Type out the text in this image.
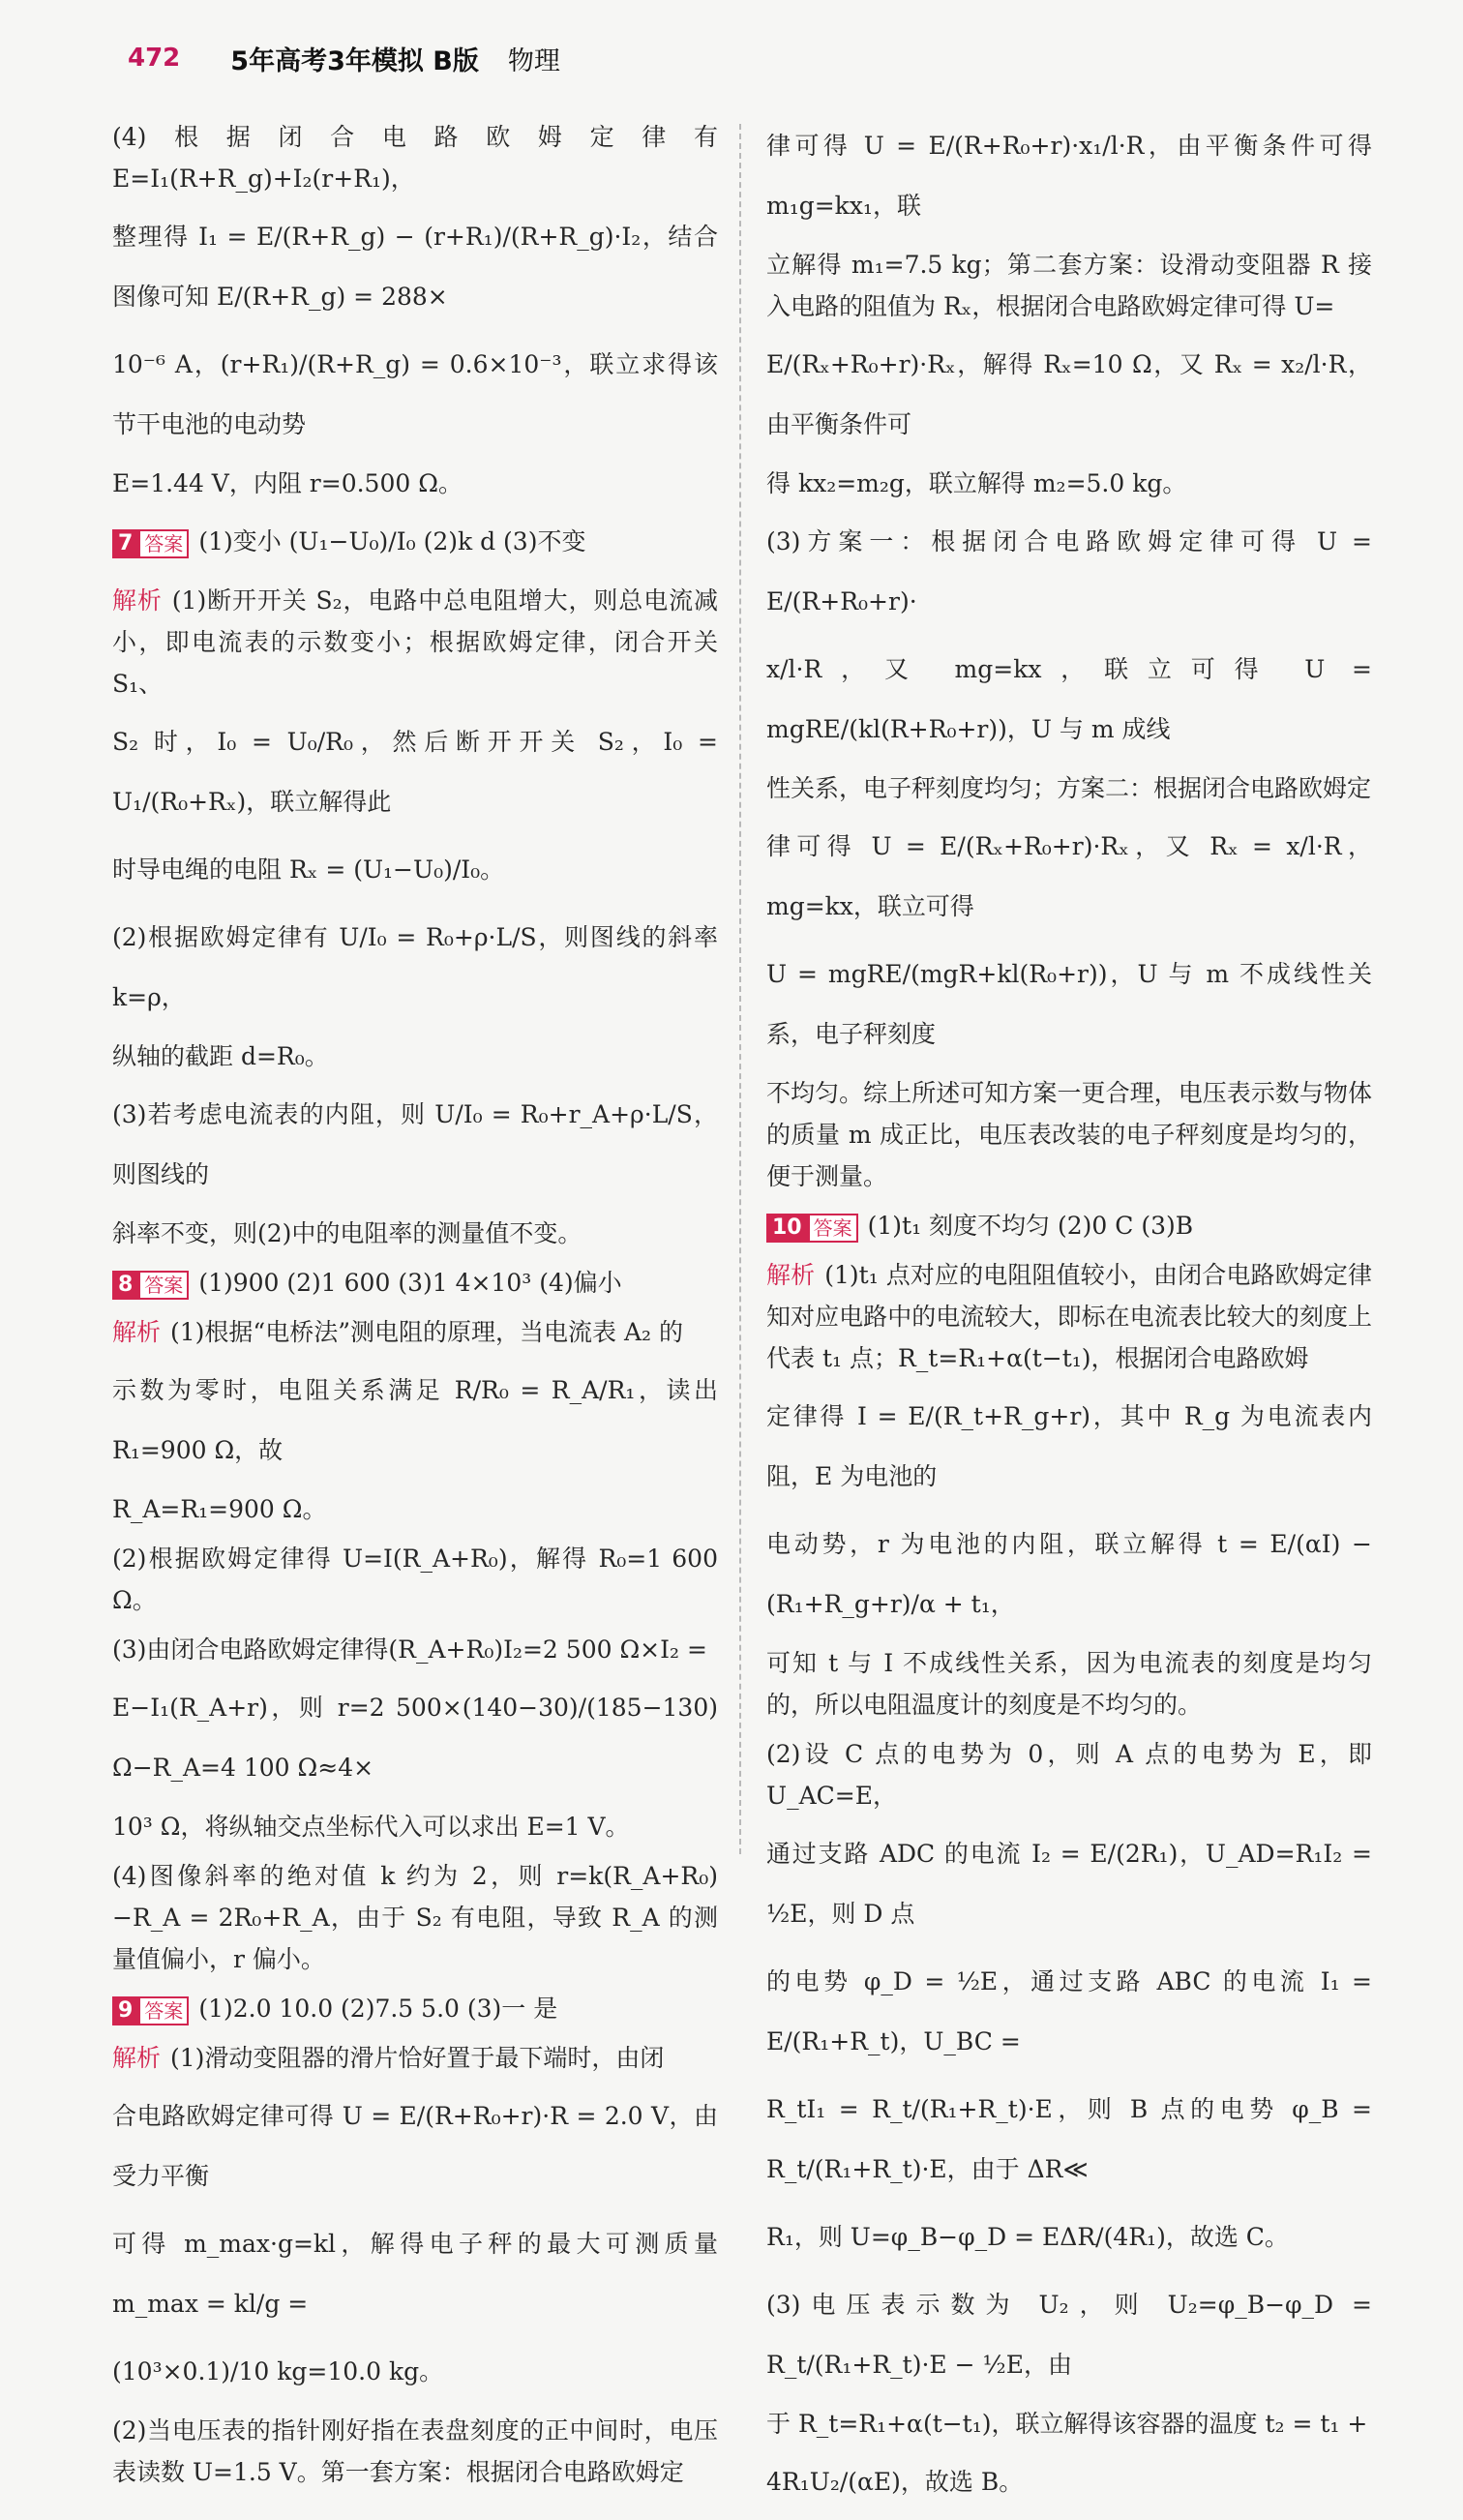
472 5年高考3年模拟 B版 物理

(4)根据闭合电路欧姆定律有 E=I₁(R+R_g)+I₂(r+R₁)，

整理得 I₁ = E/(R+R_g) − (r+R₁)/(R+R_g)·I₂，结合图像可知 E/(R+R_g) = 288×

10⁻⁶ A，(r+R₁)/(R+R_g) = 0.6×10⁻³，联立求得该节干电池的电动势

E=1.44 V，内阻 r=0.500 Ω。

7 答案 (1)变小 (U₁−U₀)/I₀ (2)k d (3)不变

解析 (1)断开开关 S₂，电路中总电阻增大，则总电流减小，即电流表的示数变小；根据欧姆定律，闭合开关 S₁、

S₂ 时，I₀ = U₀/R₀，然后断开开关 S₂，I₀ = U₁/(R₀+Rₓ)，联立解得此

时导电绳的电阻 Rₓ = (U₁−U₀)/I₀。

(2)根据欧姆定律有 U/I₀ = R₀+ρ·L/S，则图线的斜率 k=ρ，

纵轴的截距 d=R₀。

(3)若考虑电流表的内阻，则 U/I₀ = R₀+r_A+ρ·L/S，则图线的

斜率不变，则(2)中的电阻率的测量值不变。

8 答案 (1)900 (2)1 600 (3)1 4×10³ (4)偏小

解析 (1)根据“电桥法”测电阻的原理，当电流表 A₂ 的

示数为零时，电阻关系满足 R/R₀ = R_A/R₁，读出 R₁=900 Ω，故

R_A=R₁=900 Ω。

(2)根据欧姆定律得 U=I(R_A+R₀)，解得 R₀=1 600 Ω。

(3)由闭合电路欧姆定律得(R_A+R₀)I₂=2 500 Ω×I₂ =

E−I₁(R_A+r)，则 r=2 500×(140−30)/(185−130) Ω−R_A=4 100 Ω≈4×

10³ Ω，将纵轴交点坐标代入可以求出 E=1 V。

(4)图像斜率的绝对值 k 约为 2，则 r=k(R_A+R₀)−R_A = 2R₀+R_A，由于 S₂ 有电阻，导致 R_A 的测量值偏小，r 偏小。

9 答案 (1)2.0 10.0 (2)7.5 5.0 (3)一 是

解析 (1)滑动变阻器的滑片恰好置于最下端时，由闭

合电路欧姆定律可得 U = E/(R+R₀+r)·R = 2.0 V，由受力平衡

可得 m_max·g=kl，解得电子秤的最大可测质量 m_max = kl/g =

(10³×0.1)/10 kg=10.0 kg。

(2)当电压表的指针刚好指在表盘刻度的正中间时，电压表读数 U=1.5 V。第一套方案：根据闭合电路欧姆定

律可得 U = E/(R+R₀+r)·x₁/l·R，由平衡条件可得 m₁g=kx₁，联

立解得 m₁=7.5 kg；第二套方案：设滑动变阻器 R 接入电路的阻值为 Rₓ，根据闭合电路欧姆定律可得 U=

E/(Rₓ+R₀+r)·Rₓ，解得 Rₓ=10 Ω，又 Rₓ = x₂/l·R，由平衡条件可

得 kx₂=m₂g，联立解得 m₂=5.0 kg。

(3)方案一：根据闭合电路欧姆定律可得 U = E/(R+R₀+r)·

x/l·R，又 mg=kx，联立可得 U = mgRE/(kl(R+R₀+r))，U 与 m 成线

性关系，电子秤刻度均匀；方案二：根据闭合电路欧姆定

律可得 U = E/(Rₓ+R₀+r)·Rₓ，又 Rₓ = x/l·R，mg=kx，联立可得

U = mgRE/(mgR+kl(R₀+r))，U 与 m 不成线性关系，电子秤刻度

不均匀。综上所述可知方案一更合理，电压表示数与物体的质量 m 成正比，电压表改装的电子秤刻度是均匀的，便于测量。

10 答案 (1)t₁ 刻度不均匀 (2)0 C (3)B

解析 (1)t₁ 点对应的电阻阻值较小，由闭合电路欧姆定律知对应电路中的电流较大，即标在电流表比较大的刻度上代表 t₁ 点；R_t=R₁+α(t−t₁)，根据闭合电路欧姆

定律得 I = E/(R_t+R_g+r)，其中 R_g 为电流表内阻，E 为电池的

电动势，r 为电池的内阻，联立解得 t = E/(αI) − (R₁+R_g+r)/α + t₁，

可知 t 与 I 不成线性关系，因为电流表的刻度是均匀的，所以电阻温度计的刻度是不均匀的。

(2)设 C 点的电势为 0，则 A 点的电势为 E，即 U_AC=E，

通过支路 ADC 的电流 I₂ = E/(2R₁)，U_AD=R₁I₂ = ½E，则 D 点

的电势 φ_D = ½E，通过支路 ABC 的电流 I₁ = E/(R₁+R_t)，U_BC =

R_tI₁ = R_t/(R₁+R_t)·E，则 B 点的电势 φ_B = R_t/(R₁+R_t)·E，由于 ΔR≪

R₁，则 U=φ_B−φ_D = EΔR/(4R₁)，故选 C。

(3)电压表示数为 U₂，则 U₂=φ_B−φ_D = R_t/(R₁+R_t)·E − ½E，由

于 R_t=R₁+α(t−t₁)，联立解得该容器的温度 t₂ = t₁ +

4R₁U₂/(αE)，故选 B。
